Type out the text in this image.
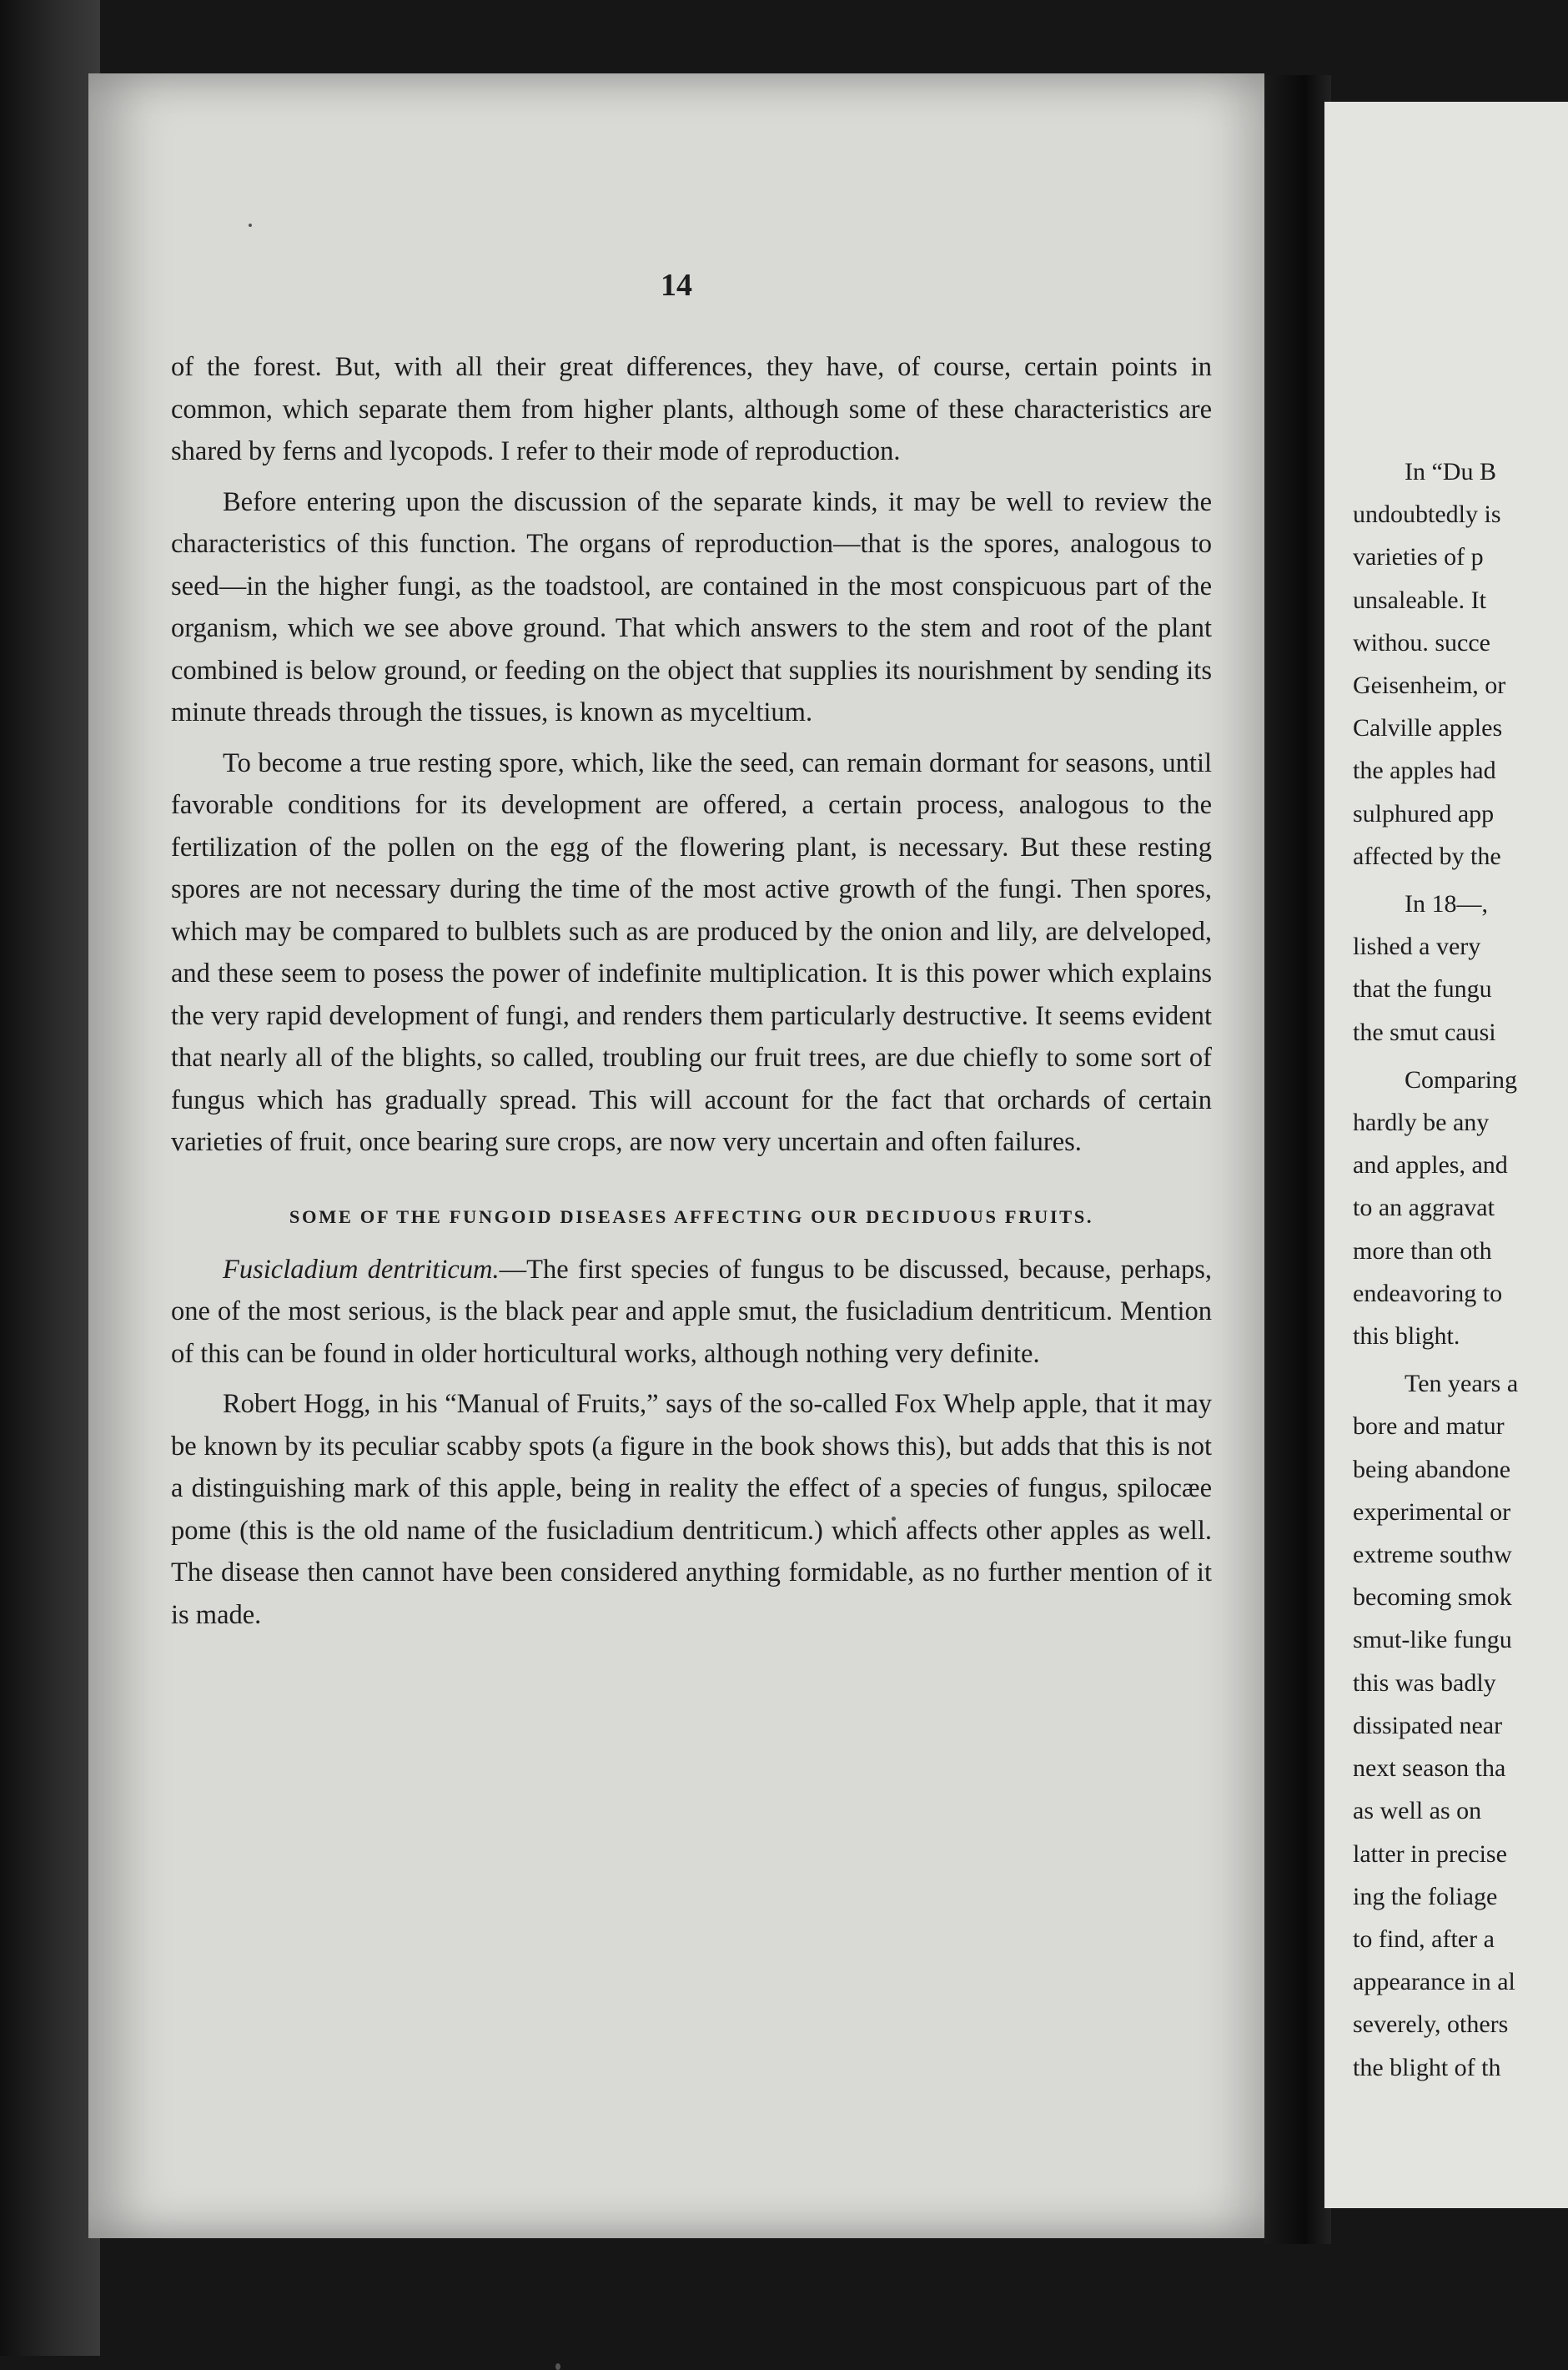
14

of the forest. But, with all their great differences, they have, of course, certain points in common, which separate them from higher plants, although some of these characteristics are shared by ferns and lycopods. I refer to their mode of reproduction.

Before entering upon the discussion of the separate kinds, it may be well to review the characteristics of this function. The organs of reproduction—that is the spores, analogous to seed—in the higher fungi, as the toadstool, are contained in the most conspicuous part of the organism, which we see above ground. That which answers to the stem and root of the plant combined is below ground, or feeding on the object that supplies its nourishment by sending its minute threads through the tissues, is known as myceltium.

To become a true resting spore, which, like the seed, can remain dormant for seasons, until favorable conditions for its development are offered, a certain process, analogous to the fertilization of the pollen on the egg of the flowering plant, is necessary. But these resting spores are not necessary during the time of the most active growth of the fungi. Then spores, which may be compared to bulblets such as are produced by the onion and lily, are delveloped, and these seem to posess the power of indefinite multiplication. It is this power which explains the very rapid development of fungi, and renders them particularly destructive. It seems evident that nearly all of the blights, so called, troubling our fruit trees, are due chiefly to some sort of fungus which has gradually spread. This will account for the fact that orchards of certain varieties of fruit, once bearing sure crops, are now very uncertain and often failures.

SOME OF THE FUNGOID DISEASES AFFECTING OUR DECIDUOUS FRUITS.

Fusicladium dentriticum.—The first species of fungus to be discussed, because, perhaps, one of the most serious, is the black pear and apple smut, the fusicladium dentriticum. Mention of this can be found in older horticultural works, although nothing very definite.

Robert Hogg, in his “Manual of Fruits,” says of the so-called Fox Whelp apple, that it may be known by its peculiar scabby spots (a figure in the book shows this), but adds that this is not a distinguishing mark of this apple, being in reality the effect of a species of fungus, spilocæe pome (this is the old name of the fusicladium dentriticum.) which affects other apples as well. The disease then cannot have been considered anything formidable, as no further mention of it is made.

In “Du B
undoubtedly is
varieties of p
unsaleable. It
withou. succe
Geisenheim, or
Calville apples
the apples had
sulphured app
affected by the
In 18—,
lished a very
that the fungu
the smut causi
Comparing
hardly be any
and apples, and
to an aggravat
more than oth
endeavoring to
this blight.
Ten years a
bore and matur
being abandone
experimental or
extreme southw
becoming smok
smut-like fungu
this was badly
dissipated near
next season tha
as well as on
latter in precise
ing the foliage
to find, after a
appearance in al
severely, others
the blight of th
